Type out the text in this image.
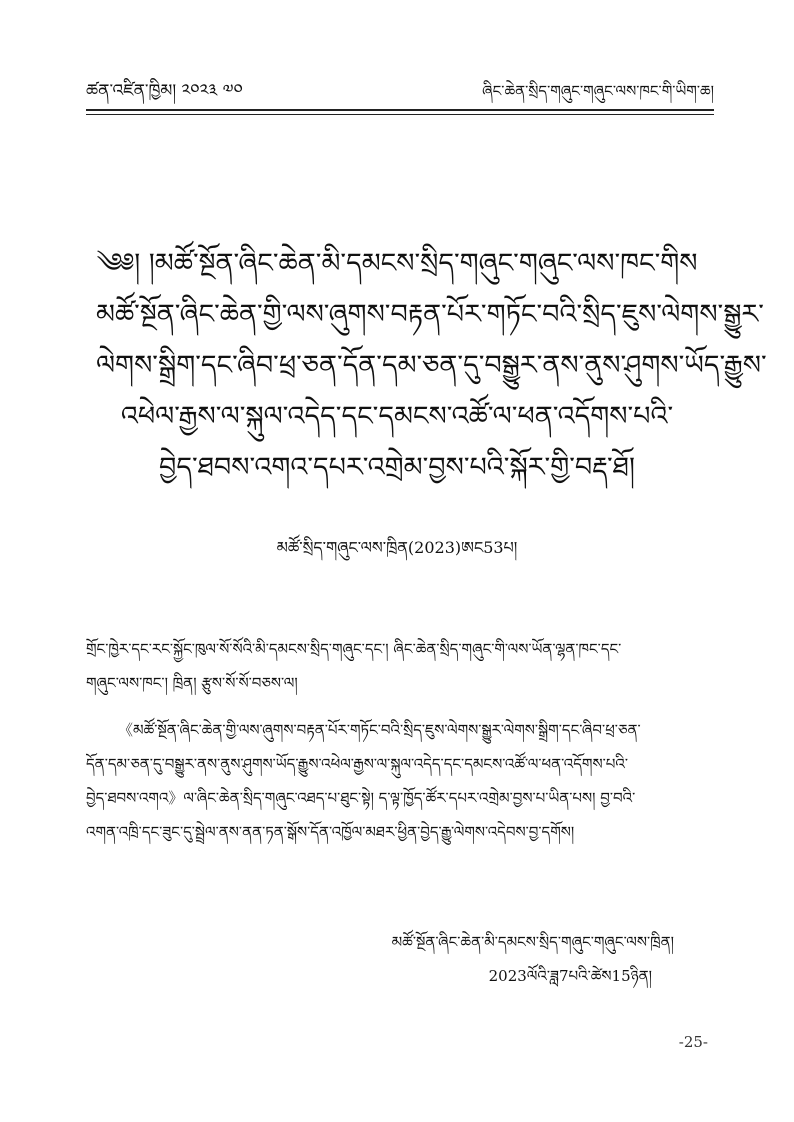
ཚན་འཛིན་ཁྱིམ། ༢༠༢༣ ༧༠	ཞིང་ཆེན་སྲིད་གཞུང་གཞུང་ལས་ཁང་གི་ཡིག་ཆ།
༄༅། །མཚོ་སྔོན་ཞིང་ཆེན་མི་དམངས་སྲིད་གཞུང་གཞུང་ལས་ཁང་གིས
མཚོ་སྔོན་ཞིང་ཆེན་གྱི་ལས་ཞུགས་བརྟན་པོར་གཏོང་བའི་སྲིད་ཇུས་ལེགས་སྒྱུར་
ལེགས་སྒྲིག་དང་ཞིབ་ཕྲ་ཅན་དོན་དམ་ཅན་དུ་བསྒྱུར་ནས་ནུས་ཤུགས་ཡོད་རྒྱུས་
འཕེལ་རྒྱས་ལ་སྐུལ་འདེད་དང་དམངས་འཚོ་ལ་ཕན་འདོགས་པའི་
བྱེད་ཐབས་འགའ་དཔར་འགྲེམ་བྱས་པའི་སྐོར་གྱི་བརྡ་ཐོ།
མཚོ་སྲིད་གཞུང་ལས་ཁྲིན(2023)ཨང53པ།
གྲོང་ཁྱེར་དང་རང་སྐྱོང་ཁུལ་སོ་སོའི་མི་དམངས་སྲིད་གཞུང་དང་། ཞིང་ཆེན་སྲིད་གཞུང་གི་ལས་ཡོན་ལྷན་ཁང་དང་
གཞུང་ལས་ཁང་། ཁྲིན། རྩུས་སོ་སོ་བཅས་ལ།
《མཚོ་སྔོན་ཞིང་ཆེན་གྱི་ལས་ཞུགས་བརྟན་པོར་གཏོང་བའི་སྲིད་ཇུས་ལེགས་སྒྱུར་ལེགས་སྒྲིག་དང་ཞིབ་ཕྲ་ཅན་
དོན་དམ་ཅན་དུ་བསྒྱུར་ནས་ནུས་ཤུགས་ཡོད་རྒྱུས་འཕེལ་རྒྱས་ལ་སྐུལ་འདེད་དང་དམངས་འཚོ་ལ་ཕན་འདོགས་པའི་
བྱེད་ཐབས་འགའ》ལ་ཞིང་ཆེན་སྲིད་གཞུང་འཐད་པ་ཐུང་སྟེ། ད་ལྟ་ཁྱོད་ཚོར་དཔར་འགྲེམ་བྱས་པ་ཡིན་པས། བྱ་བའི་
འགན་འཁྲི་དང་ཟུང་དུ་སྦྲེལ་ནས་ནན་ཏན་སྒོས་དོན་འཁྱོལ་མཐར་ཕྱིན་བྱེད་རྒྱུ་ལེགས་འདེབས་བྱ་དགོས།
མཚོ་སྔོན་ཞིང་ཆེན་མི་དམངས་སྲིད་གཞུང་གཞུང་ལས་ཁྲིན།
2023ལོའི་ཟླ7པའི་ཚེས15ཉིན།
-25-
